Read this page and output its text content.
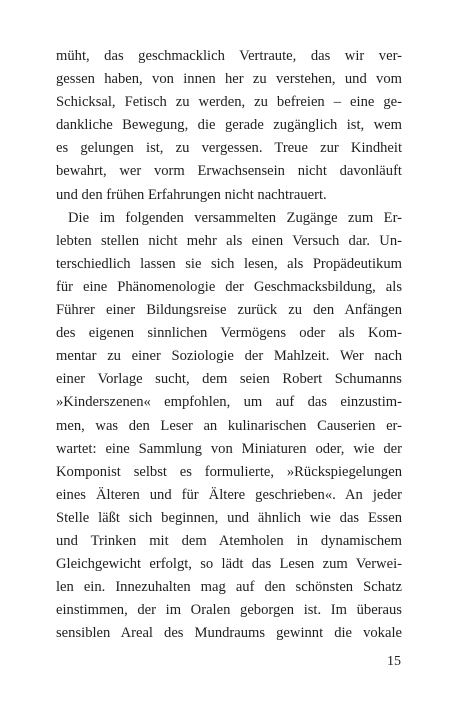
müht, das geschmacklich Vertraute, das wir ver-
gessen haben, von innen her zu verstehen, und vom
Schicksal, Fetisch zu werden, zu befreien – eine ge-
dankliche Bewegung, die gerade zugänglich ist, wem
es gelungen ist, zu vergessen. Treue zur Kindheit
bewahrt, wer vorm Erwachsensein nicht davonläuft
und den frühen Erfahrungen nicht nachtrauert.
Die im folgenden versammelten Zugänge zum Er-
lebten stellen nicht mehr als einen Versuch dar. Un-
terschiedlich lassen sie sich lesen, als Propädeutikum
für eine Phänomenologie der Geschmacksbildung, als
Führer einer Bildungsreise zurück zu den Anfängen
des eigenen sinnlichen Vermögens oder als Kom-
mentar zu einer Soziologie der Mahlzeit. Wer nach
einer Vorlage sucht, dem seien Robert Schumanns
»Kinderszenen« empfohlen, um auf das einzustim-
men, was den Leser an kulinarischen Causerien er-
wartet: eine Sammlung von Miniaturen oder, wie der
Komponist selbst es formulierte, »Rückspiegelungen
eines Älteren und für Ältere geschrieben«. An jeder
Stelle läßt sich beginnen, und ähnlich wie das Essen
und Trinken mit dem Atemholen in dynamischem
Gleichgewicht erfolgt, so lädt das Lesen zum Verwei-
len ein. Innezuhalten mag auf den schönsten Schatz
einstimmen, der im Oralen geborgen ist. Im überaus
sensiblen Areal des Mundraums gewinnt die vokale
15
